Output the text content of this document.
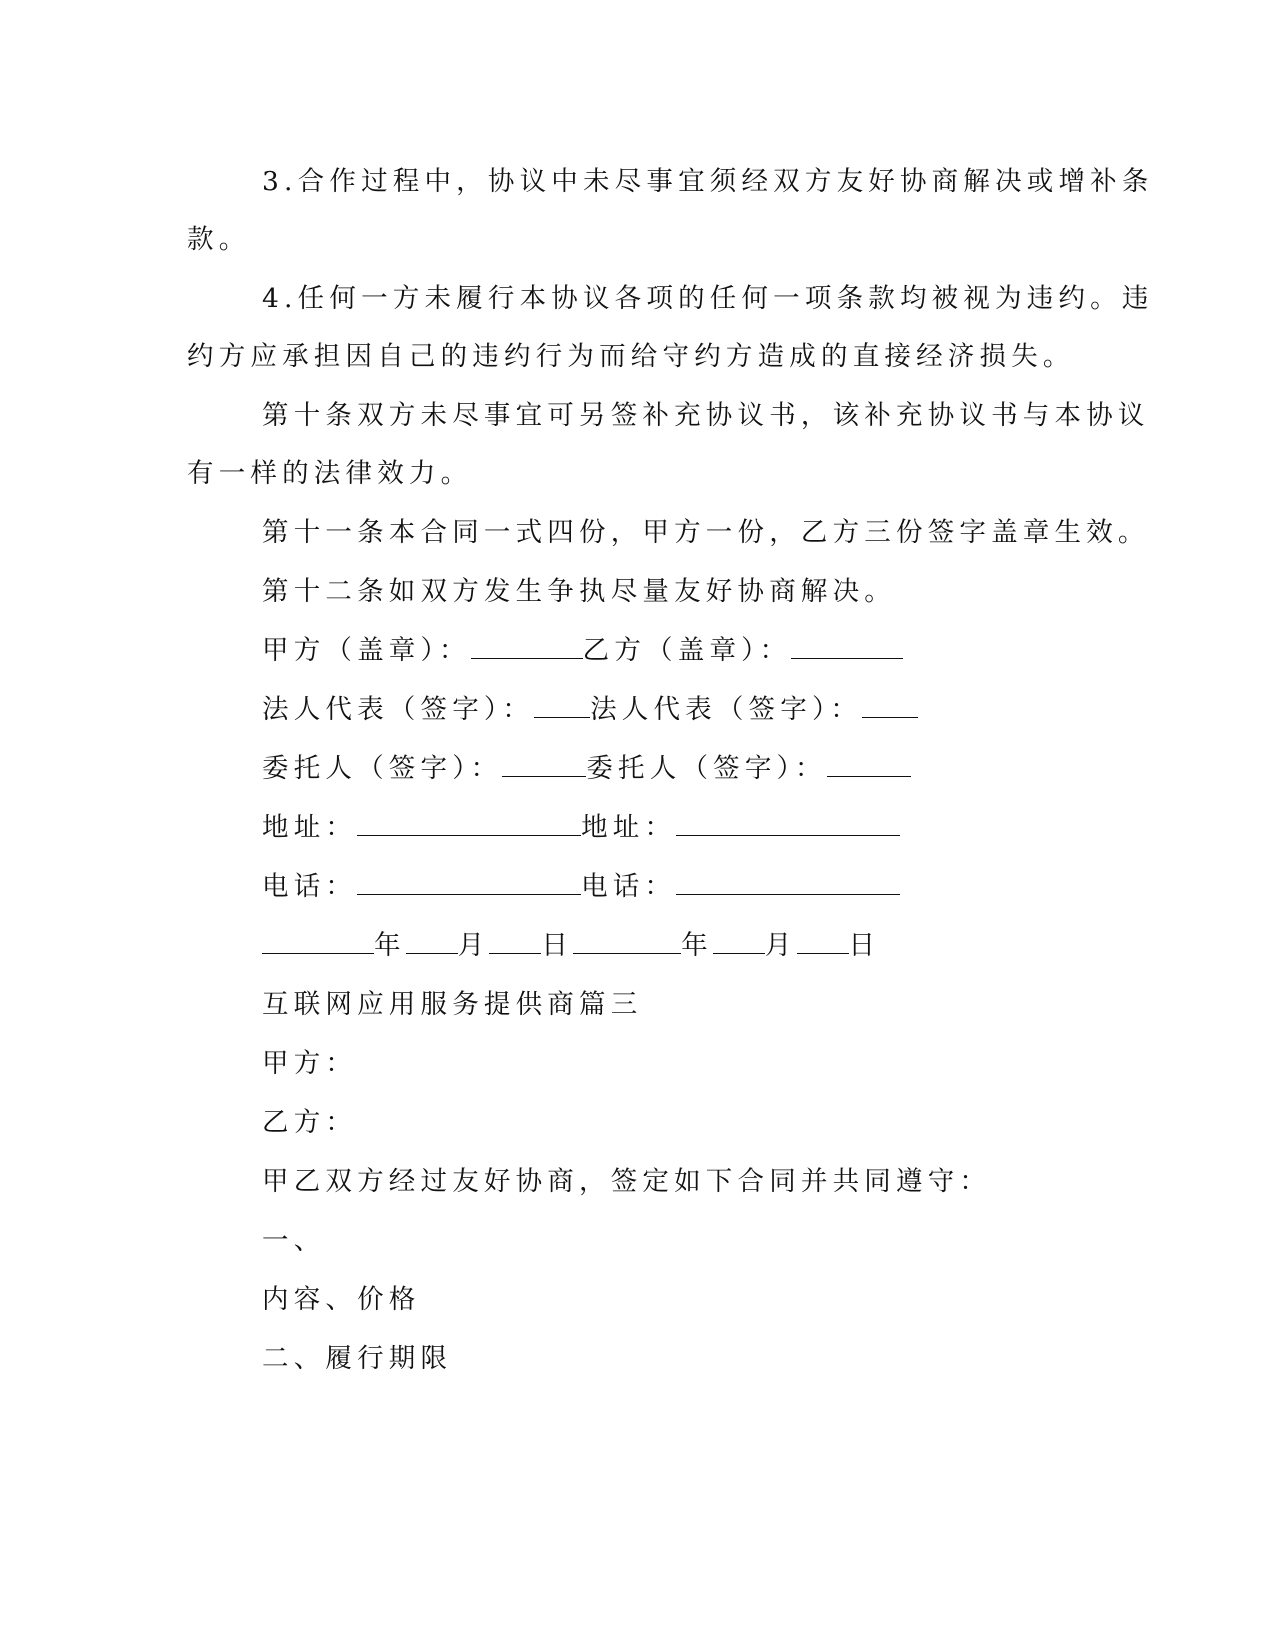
3.合作过程中，协议中未尽事宜须经双方友好协商解决或增补条
款。
4.任何一方未履行本协议各项的任何一项条款均被视为违约。违
约方应承担因自己的违约行为而给守约方造成的直接经济损失。
第十条双方未尽事宜可另签补充协议书，该补充协议书与本协议
有一样的法律效力。
第十一条本合同一式四份，甲方一份，乙方三份签字盖章生效。
第十二条如双方发生争执尽量友好协商解决。
甲方（盖章）：	乙方（盖章）：
法人代表（签字）： 法人代表（签字）：
委托人（签字）：	委托人（签字）：
地址：	地址：
电话：	电话：
年 月 日	年 月 日
互联网应用服务提供商篇三
甲方：
乙方：
甲乙双方经过友好协商，签定如下合同并共同遵守：
一、
内容、价格
二、履行期限
